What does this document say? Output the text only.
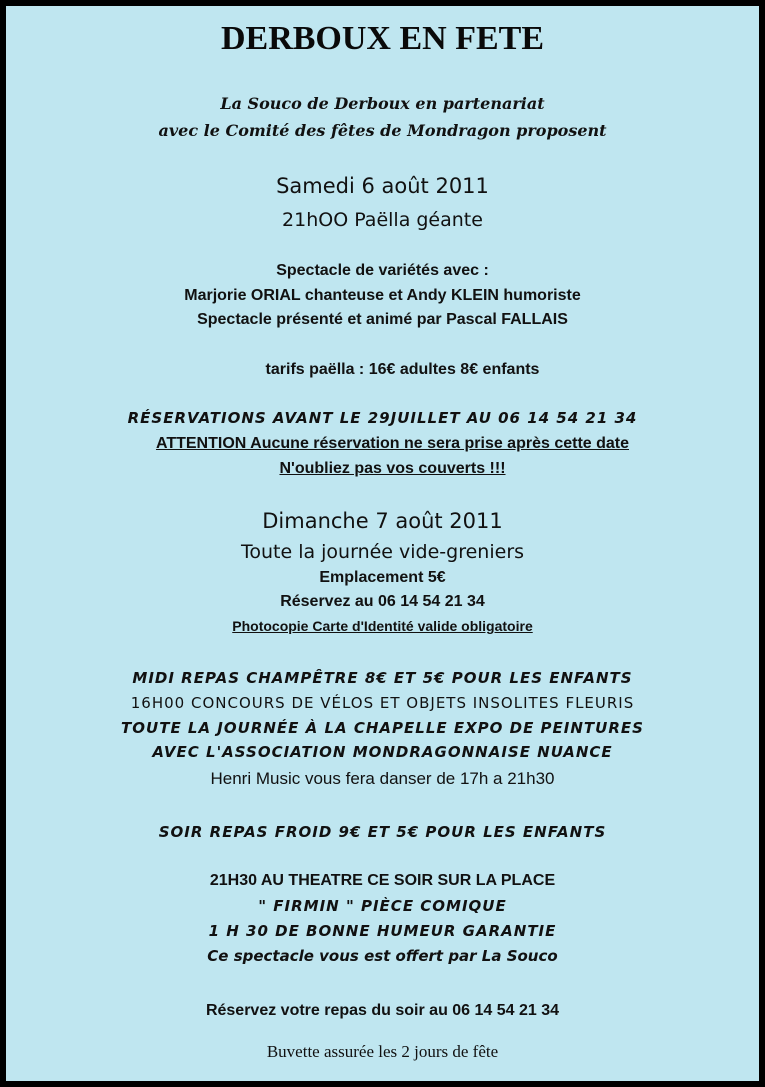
DERBOUX EN FETE
La Souco de Derboux en partenariat
avec le Comité des fêtes de Mondragon proposent
Samedi 6 août 2011
21hOO Paëlla géante
Spectacle de variétés avec :
Marjorie ORIAL chanteuse et Andy KLEIN humoriste
Spectacle présenté et animé par Pascal FALLAIS
tarifs paëlla : 16€ adultes 8€ enfants
RÉSERVATIONS AVANT LE 29JUILLET AU 06 14 54 21 34
ATTENTION Aucune réservation ne sera prise après cette date
N'oubliez pas vos couverts !!!
Dimanche 7 août 2011
Toute la journée vide-greniers
Emplacement 5€
Réservez au 06 14 54 21 34
Photocopie Carte d'Identité valide obligatoire
MIDI REPAS CHAMPÊTRE 8€ ET 5€ POUR LES ENFANTS
16H00 CONCOURS DE VÉLOS ET OBJETS INSOLITES FLEURIS
TOUTE LA JOURNÉE À LA CHAPELLE EXPO DE PEINTURES
AVEC L'ASSOCIATION MONDRAGONNAISE NUANCE
Henri Music vous fera danser de 17h a 21h30
SOIR REPAS FROID 9€ ET 5€ POUR LES ENFANTS
21H30 AU THEATRE CE SOIR SUR LA PLACE
" FIRMIN " PIÈCE COMIQUE
1 H 30 DE BONNE HUMEUR GARANTIE
Ce spectacle vous est offert par La Souco
Réservez votre repas du soir au 06 14 54 21 34
Buvette assurée les 2 jours de fête
